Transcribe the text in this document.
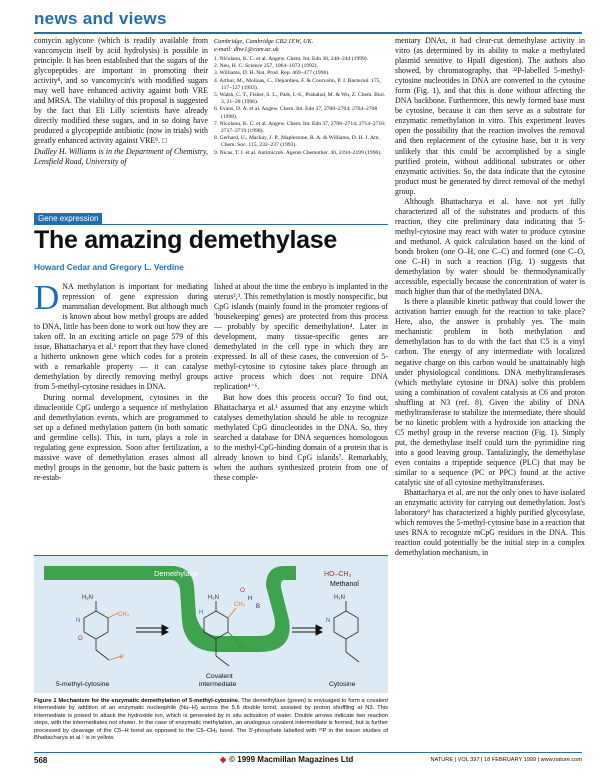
news and views

comycin aglycone (which is readily available from vancomycin itself by acid hydrolysis) is possible in principle. It has been established that the sugars of the glycopeptides are important in promoting their activity⁸, and so vancomycin's with modified sugars may well have enhanced activity against both VRE and MRSA. The viability of this proposal is suggested by the fact that Eli Lilly scientists have already directly modified these sugars, and in so doing have produced a glycopeptide antibiotic (now in trials) with greatly enhanced activity against VRE⁹. □

Dudley H. Williams is in the Department of Chemistry, Lensfield Road, University of

Cambridge, Cambridge CB2 1EW, UK.
e-mail: dhw1@cam.ac.uk
1. Nicolaou, K. C. et al. Angew. Chem. Int. Edn 38, 240–244 (1999).
2. Neu, H. C. Science 257, 1064–1073 (1992).
3. Williams, D. H. Nat. Prod. Rep. 469–477 (1996).
4. Arthur, M., Molinas, C., Depardieu, F. & Courvalin, P. J. Bacteriol. 175, 117–127 (1993).
5. Walsh, C. T., Fisher, S. L., Park, I.-S., Prahalad, M. & Wu, Z. Chem. Biol. 3, 21–28 (1996).
6. Evans, D. A. et al. Angew. Chem. Int. Edn 37, 2700–2704; 2704–2708 (1998).
7. Nicolaou, K. C. et al. Angew. Chem. Int. Edn 37, 2708–2714; 2714–2716; 2717–2719 (1998).
8. Gerhard, U., Mackay, J. P., Maplestone, R. A. & Williams, D. H. J. Am. Chem. Soc. 115, 232–237 (1993).
9. Nicas, T. I. et al. Antimicrob. Agents Chemother. 40, 2194–2199 (1996).

mentary DNAs, it had clear-cut demethylase activity in vitro (as determined by its ability to make a methylated plasmid sensitive to HpaII digestion). The authors also showed, by chromatography, that ³²P-labelled 5-methyl-cytosine nucleotides in DNA are converted to the cytosine form (Fig. 1), and that this is done without affecting the DNA backbone. Furthermore, this newly formed base must be cytosine, because it can then serve as a substrate for enzymatic remethylation in vitro. This experiment leaves open the possibility that the reaction involves the removal and then replacement of the cytosine base, but it is very unlikely that this could be accomplished by a single purified protein, without additional substrates or other enzymatic activities. So, the data indicate that the cytosine product must be generated by direct removal of the methyl group.

Although Bhattacharya et al. have not yet fully characterized all of the substrates and products of this reaction, they cite preliminary data indicating that 5-methyl-cytosine may react with water to produce cytosine and methanol. A quick calculation based on the kind of bonds broken (one O–H, one C–C) and formed (one C–O, one C–H) in such a reaction (Fig. 1) suggests that demethylation by water should be thermodynamically accessible, especially because the concentration of water is much higher than that of the methylated DNA.

Is there a plausible kinetic pathway that could lower the activation barrier enough for the reaction to take place? Here, also, the answer is probably yes. The main mechanistic problem in both methylation and demethylation has to do with the fact that C5 is a vinyl carbon. The energy of any intermediate with localized negative charge on this carbon would be unattainably high under physiological conditions. DNA methyltransferases (which methylate cytosine in DNA) solve this problem using a combination of covalent catalysis at C6 and proton shuffling at N3 (ref. 8). Given the ability of DNA methyltransferase to stabilize the intermediate, there should be no kinetic problem with a hydroxide ion attacking the C5 methyl group in the reverse reaction (Fig. 1). Simply put, the demethylase itself could turn the pyrimidine ring into a good leaving group. Tantalizingly, the demethylase even contains a tripeptide sequence (PLC) that may be similar to a sequence (PC or PPC) found at the active catalytic site of all cytosine methyltransferases.

Bhattacharya et al. are not the only ones to have isolated an enzymatic activity for carrying out demethylation. Jost's laboratory⁹ has characterized a highly purified glycosylase, which removes the 5-methyl-cytosine base in a reaction that uses RNA to recognize mCpG residues in the DNA. This reaction could potentially be the initial step in a complex demethylation mechanism, in

Gene expression
The amazing demethylase
Howard Cedar and Gregory L. Verdine

DNA methylation is important for mediating repression of gene expression during mammalian development. But although much is known about how methyl groups are added to DNA, little has been done to work out how they are taken off. In an exciting article on page 579 of this issue, Bhattacharya et al.¹ report that they have cloned a hitherto unknown gene which codes for a protein with a remarkable property — it can catalyse demethylation by directly removing methyl groups from 5-methyl-cytosine residues in DNA.

During normal development, cytosines in the dinucleotide CpG undergo a sequence of methylation and demethylation events, which are programmed to set up a defined methylation pattern (in both somatic and germline cells). This, in turn, plays a role in regulating gene expression. Soon after fertilization, a massive wave of demethylation erases almost all methyl groups in the genome, but the basic pattern is re-estab-

lished at about the time the embryo is implanted in the uterus²,³. This remethylation is mostly nonspecific, but CpG islands (mainly found in the promoter regions of 'housekeeping' genes) are protected from this process — probably by specific demethylation⁴. Later in development, many tissue-specific genes are demethylated in the cell type in which they are expressed. In all of these cases, the conversion of 5-methyl-cytosine to cytosine takes place through an active process which does not require DNA replication⁴⁻⁶.

But how does this process occur? To find out, Bhattacharya et al.¹ assumed that any enzyme which catalyses demethylation should be able to recognize methylated CpG dinucleotides in the DNA. So, they searched a database for DNA sequences homologous to the methyl-CpG-binding domain of a protein that is already known to bind CpG islands⁷. Remarkably, when the authors synthesized protein from one of these comple-

Demethylase
H₂N
CH₃
N
O
P
5-methyl-cytosine
H₂N
CH₃
O
H
B
Nu
H
Covalent
intermediate
HO–CH₃
Methanol
H₂N
N
Cytosine
Figure 1 Mechanism for the enzymatic demethylation of 5-methyl-cytosine. The demethylase (green) is envisaged to form a covalent intermediate by addition of an enzymatic nucleophile (Nu–H) across the 5,6 double bond, assisted by proton shuffling at N3. This intermediate is poised to attack the hydroxide ion, which is generated by in situ activation of water. Double arrows indicate two reaction steps, with the intermediates not shown. In the case of enzymatic methylation, an analogous covalent intermediate is formed, but is further processed by cleavage of the C5–H bond as opposed to the C5–CH₃ bond. The 3′-phosphate labelled with ³²P in the tracer studies of Bhattacharya et al.¹ is in yellow.
568	◆ © 1999 Macmillan Magazines Ltd	NATURE | VOL 397 | 18 FEBRUARY 1999 | www.nature.com
